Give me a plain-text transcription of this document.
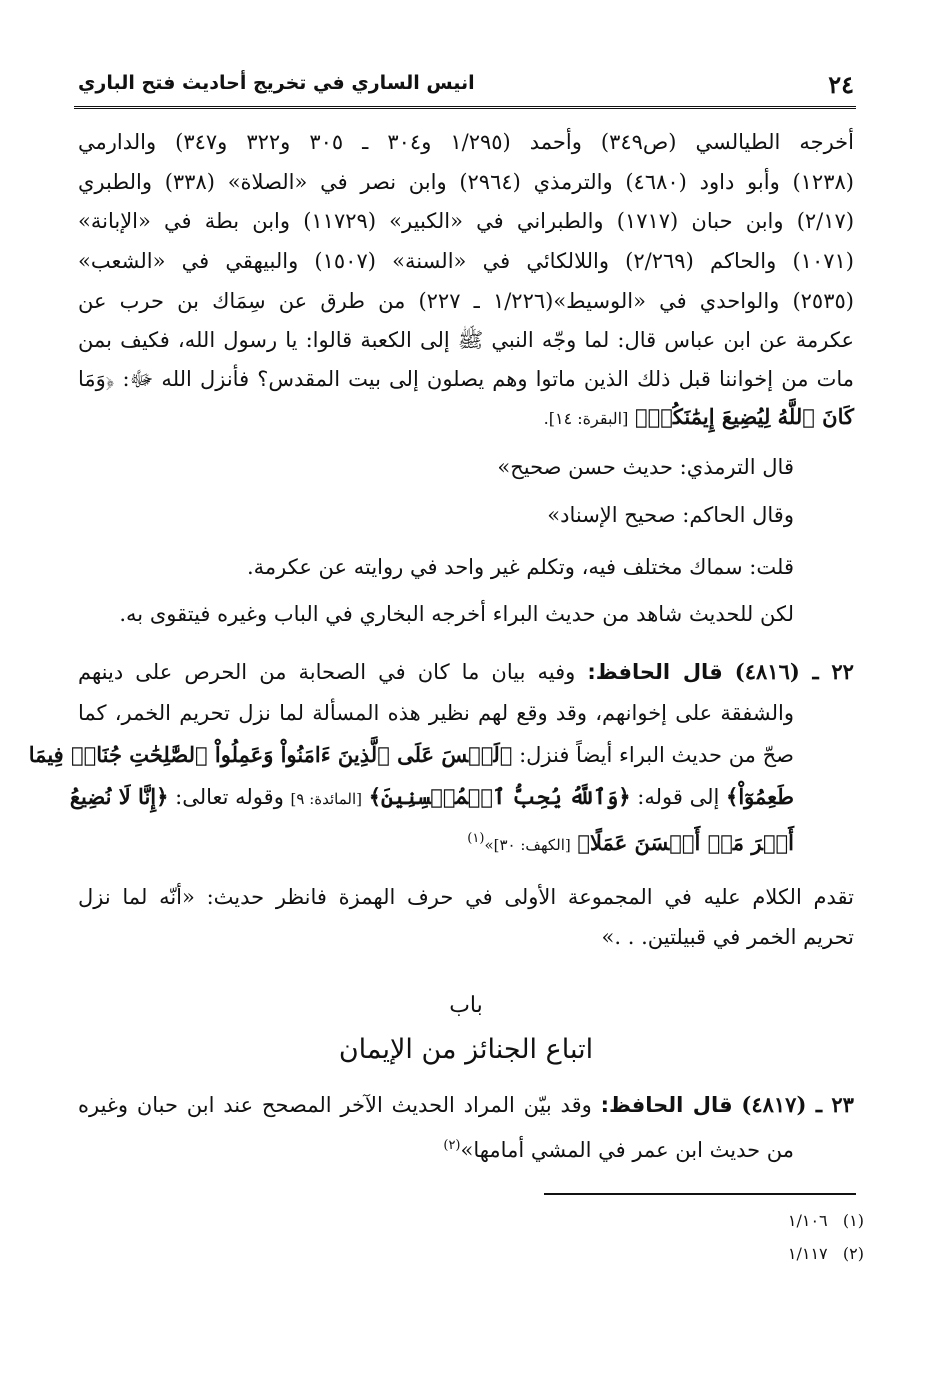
٢٤
انيس الساري في تخريج أحاديث فتح الباري
أخرجه الطيالسي (ص٣٤٩) وأحمد (١/٢٩٥ و٣٠٤ ـ ٣٠٥ و٣٢٢ و٣٤٧) والدارمي
(١٢٣٨) وأبو داود (٤٦٨٠) والترمذي (٢٩٦٤) وابن نصر في «الصلاة» (٣٣٨) والطبري
(٢/١٧) وابن حبان (١٧١٧) والطبراني في «الكبير» (١١٧٢٩) وابن بطة في «الإبانة»
(١٠٧١) والحاكم (٢/٢٦٩) واللالكائي في «السنة» (١٥٠٧) والبيهقي في «الشعب»
(٢٥٣٥) والواحدي في «الوسيط»(١/٢٢٦ ـ ٢٢٧) من طرق عن سِمَاك بن حرب عن
عكرمة عن ابن عباس قال: لما وجّه النبي ﷺ إلى الكعبة قالوا: يا رسول الله، فكيف بمن
مات من إخواننا قبل ذلك الذين ماتوا وهم يصلون إلى بيت المقدس؟ فأنزل الله ﷻ: ﴿وَمَا
كَانَ ٱللَّهُ لِيُضِيعَ إِيمَٰنَكُمۡ﴾ [البقرة: ١٤].
قال الترمذي: حديث حسن صحيح»
وقال الحاكم: صحيح الإسناد»
قلت: سماك مختلف فيه، وتكلم غير واحد في روايته عن عكرمة.
لكن للحديث شاهد من حديث البراء أخرجه البخاري في الباب وغيره فيتقوى به.
٢٢ ـ (٤٨١٦) قال الحافظ: وفيه بيان ما كان في الصحابة من الحرص على دينهم
والشفقة على إخوانهم، وقد وقع لهم نظير هذه المسألة لما نزل تحريم الخمر، كما
صحّ من حديث البراء أيضاً فنزل: ﴿لَيۡسَ عَلَى ٱلَّذِينَ ءَامَنُواْ وَعَمِلُواْ ٱلصَّٰلِحَٰتِ جُنَاحٞ فِيمَا
طَعِمُوٓاْ﴾ إلى قوله: ﴿وَٱللَّهُ يُحِبُّ ٱلۡمُحۡسِنِينَ﴾ [المائدة: ٩] وقوله تعالى: ﴿إِنَّا لَا نُضِيعُ
أَجۡرَ مَنۡ أَحۡسَنَ عَمَلًا﴾ [الكهف: ٣٠]»$^{(١)}$
تقدم الكلام عليه في المجموعة الأولى في حرف الهمزة فانظر حديث: «أنّه لما نزل
تحريم الخمر في قبيلتين. . .»
باب
اتباع الجنائز من الإيمان
٢٣ ـ (٤٨١٧) قال الحافظ: وقد بيّن المراد الحديث الآخر المصحح عند ابن حبان وغيره
من حديث ابن عمر في المشي أمامها»$^{(٢)}$
(١)   ١/١٠٦
(٢)   ١/١١٧
